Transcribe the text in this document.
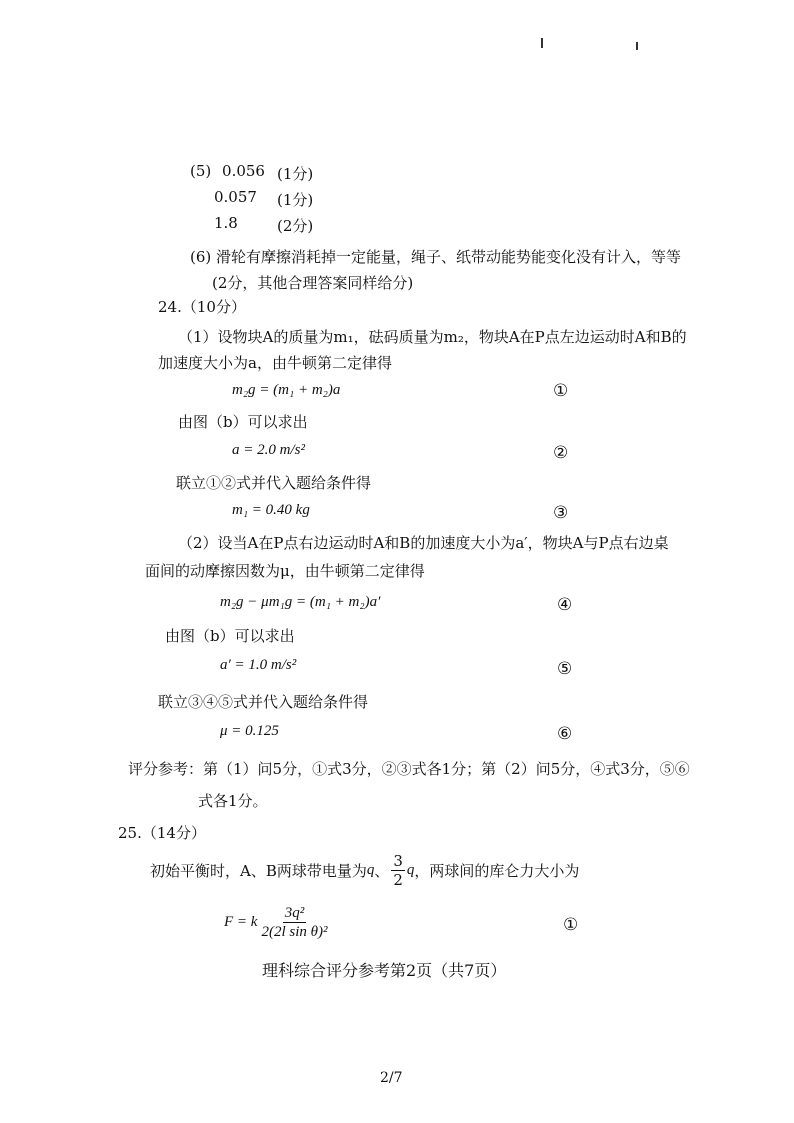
(5) 0.056 (1分)
0.057 (1分)
1.8	(2分)
(6) 滑轮有摩擦消耗掉一定能量，绳子、纸带动能势能变化没有计入，等等
(2分，其他合理答案同样给分)
24.（10分）
（1）设物块A的质量为m₁，砝码质量为m₂，物块A在P点左边运动时A和B的
加速度大小为a，由牛顿第二定律得
m₂g = (m₁ + m₂)a	①
由图（b）可以求出
a = 2.0 m/s²	②
联立①②式并代入题给条件得
m₁ = 0.40 kg	③
（2）设当A在P点右边运动时A和B的加速度大小为a′，物块A与P点右边桌
面间的动摩擦因数为μ，由牛顿第二定律得
m₂g − μm₁g = (m₁ + m₂)a′	④
由图（b）可以求出
a′ = 1.0 m/s²	⑤
联立③④⑤式并代入题给条件得
μ = 0.125	⑥
评分参考：第（1）问5分，①式3分，②③式各1分；第（2）问5分，④式3分，⑤⑥
式各1分。
25.（14分）
初始平衡时，A、B两球带电量为 q 、 $\frac{3}{2}$ q ，两球间的库仑力大小为
F = k $\frac{\text{3q²}}{\text{2(2l sin θ)²}}$	①
理科综合评分参考第2页（共7页）
2/7
